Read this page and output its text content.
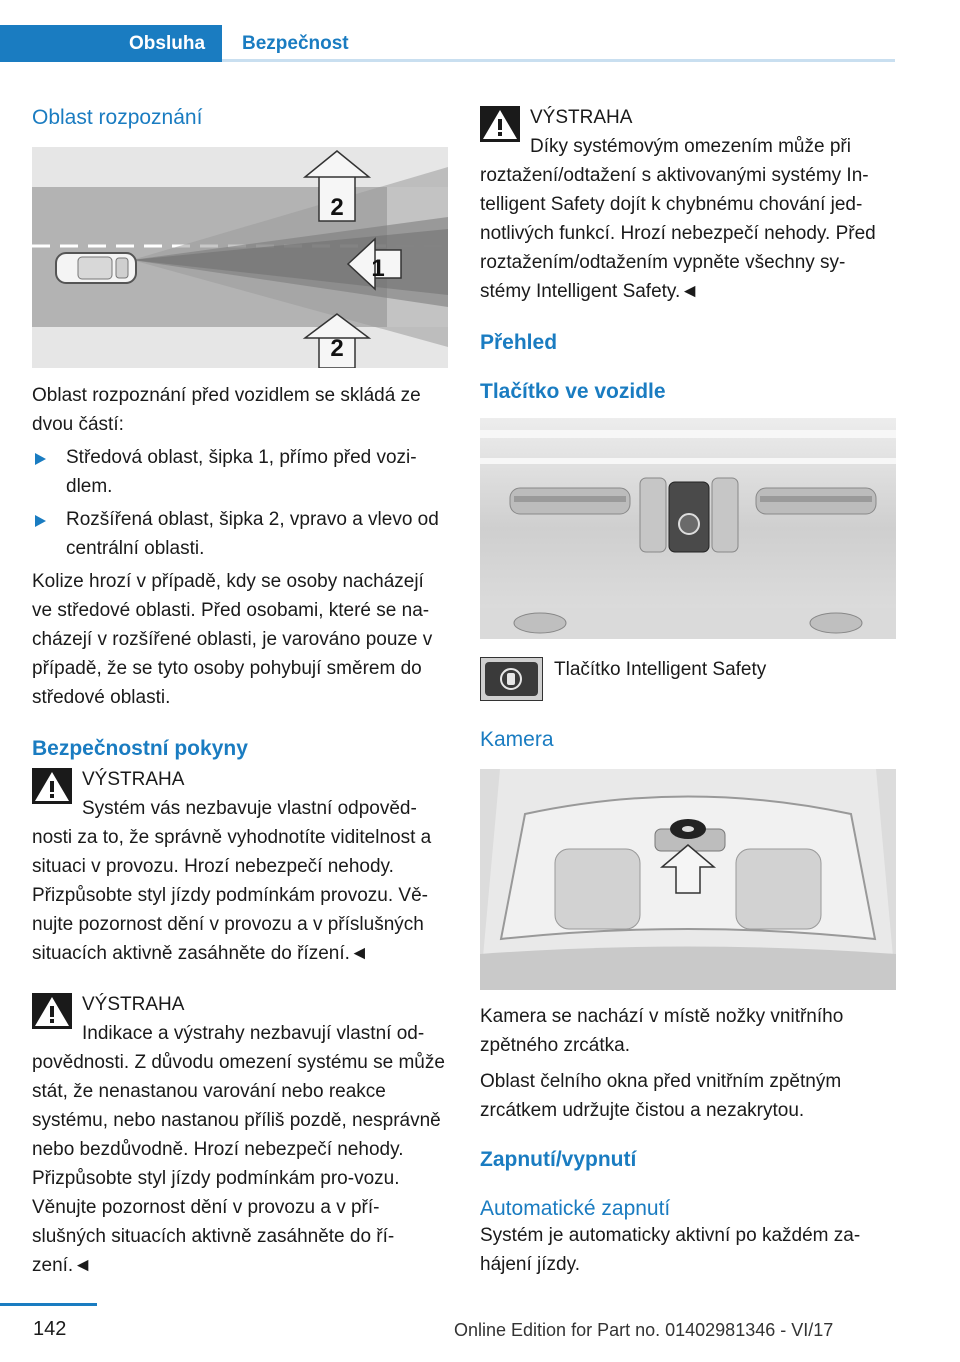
Obsluha	Bezpečnost
Oblast rozpoznání
2
1
2
Oblast rozpoznání před vozidlem se skládá ze dvou částí:
Středová oblast, šipka 1, přímo před vozi-dlem.
Rozšířená oblast, šipka 2, vpravo a vlevo od centrální oblasti.
Kolize hrozí v případě, kdy se osoby nacházejí ve středové oblasti. Před osobami, které se na-cházejí v rozšířené oblasti, je varováno pouze v případě, že se tyto osoby pohybují směrem do středové oblasti.
Bezpečnostní pokyny
VÝSTRAHA
Systém vás nezbavuje vlastní odpověd-
nosti za to, že správně vyhodnotíte viditelnost a situaci v provozu. Hrozí nebezpečí nehody. Přizpůsobte styl jízdy podmínkám provozu. Vě-nujte pozornost dění v provozu a v příslušných situacích aktivně zasáhněte do řízení.◄
VÝSTRAHA
Indikace a výstrahy nezbavují vlastní od-
povědnosti. Z důvodu omezení systému se může stát, že nenastanou varování nebo reakce systému, nebo nastanou příliš pozdě, nesprávně nebo bezdůvodně. Hrozí nebezpečí nehody. Přizpůsobte styl jízdy podmínkám pro-vozu. Věnujte pozornost dění v provozu a v pří-slušných situacích aktivně zasáhněte do ří-zení.◄
VÝSTRAHA
Díky systémovým omezením může při
roztažení/odtažení s aktivovanými systémy In-telligent Safety dojít k chybnému chování jed-notlivých funkcí. Hrozí nebezpečí nehody. Před roztažením/odtažením vypněte všechny sy-stémy Intelligent Safety.◄
Přehled
Tlačítko ve vozidle
Tlačítko Intelligent Safety
Kamera
Kamera se nachází v místě nožky vnitřního zpětného zrcátka.
Oblast čelního okna před vnitřním zpětným zrcátkem udržujte čistou a nezakrytou.
Zapnutí/vypnutí
Automatické zapnutí
Systém je automaticky aktivní po každém za-hájení jízdy.
142	Online Edition for Part no. 01402981346 - VI/17
